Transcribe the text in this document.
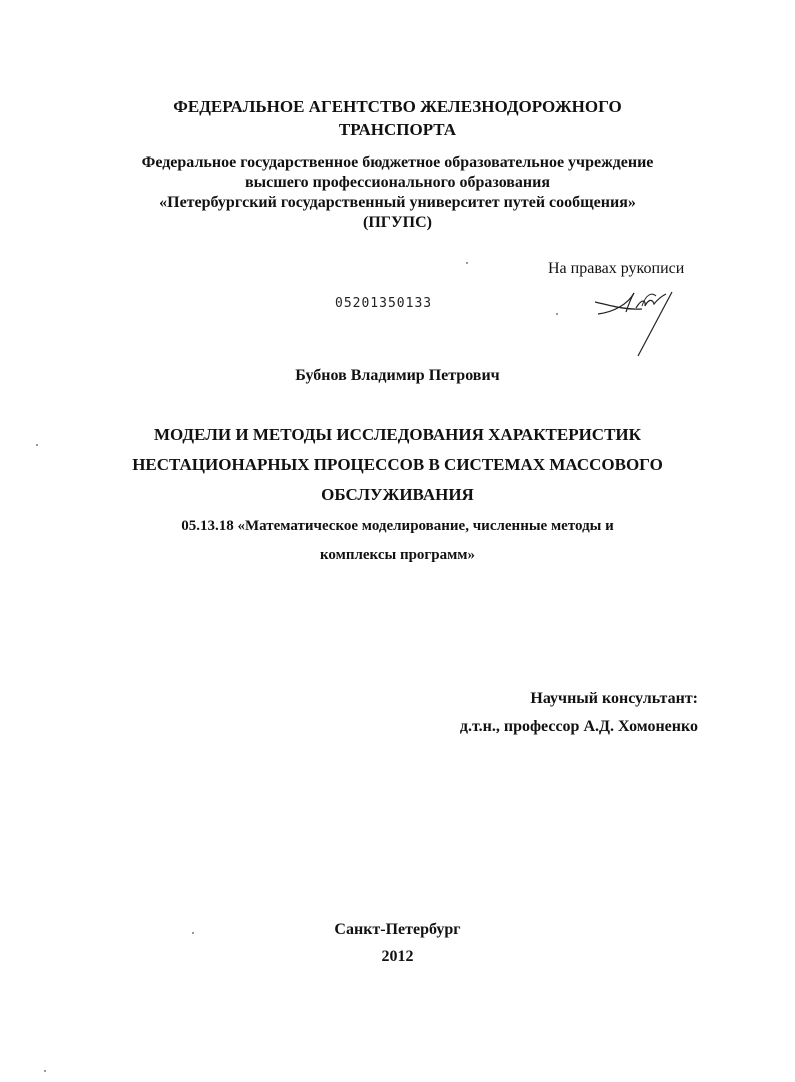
ФЕДЕРАЛЬНОЕ АГЕНТСТВО ЖЕЛЕЗНОДОРОЖНОГО
ТРАНСПОРТА
Федеральное государственное бюджетное образовательное учреждение
высшего профессионального образования
«Петербургский государственный университет путей сообщения»
(ПГУПС)
На правах рукописи
05201350133
Бубнов Владимир Петрович
МОДЕЛИ И МЕТОДЫ ИССЛЕДОВАНИЯ ХАРАКТЕРИСТИК
НЕСТАЦИОНАРНЫХ ПРОЦЕССОВ В СИСТЕМАХ МАССОВОГО
ОБСЛУЖИВАНИЯ
05.13.18 «Математическое моделирование, численные методы и
комплексы программ»
Научный консультант:
д.т.н., профессор А.Д. Хомоненко
Санкт-Петербург
2012
